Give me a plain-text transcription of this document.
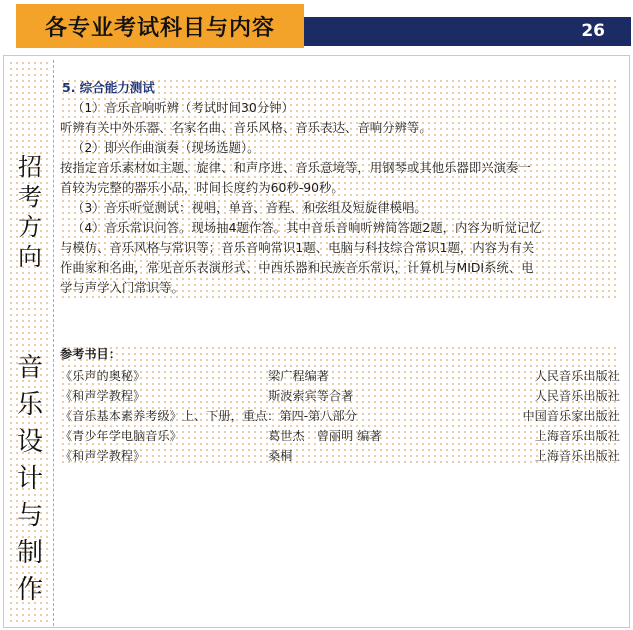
各专业考试科目与内容	26
招
考
方
向
音
乐
设
计
与
制
作
5. 综合能力测试
（1）音乐音响听辨（考试时间30分钟）
听辨有关中外乐器、名家名曲、音乐风格、音乐表达、音响分辨等。
（2）即兴作曲演奏（现场选题）。
按指定音乐素材如主题、旋律、和声序进、音乐意境等，用钢琴或其他乐器即兴演奏一
首较为完整的器乐小品，时间长度约为60秒-90秒。
（3）音乐听觉测试：视唱，单音、音程、和弦组及短旋律模唱。
（4）音乐常识问答。现场抽4题作答。其中音乐音响听辨简答题2题，内容为听觉记忆
与模仿、音乐风格与常识等；音乐音响常识1题、电脑与科技综合常识1题，内容为有关
作曲家和名曲，常见音乐表演形式、中西乐器和民族音乐常识，计算机与MIDI系统、电
学与声学入门常识等。
参考书目：
《乐声的奥秘》	梁广程编著	人民音乐出版社
《和声学教程》	斯波索宾等合著	人民音乐出版社
《音乐基本素养考级》上、下册，重点：第四-第八部分	中国音乐家出版社
《青少年学电脑音乐》	葛世杰　曾丽明 编著	上海音乐出版社
《和声学教程》	桑桐	上海音乐出版社
